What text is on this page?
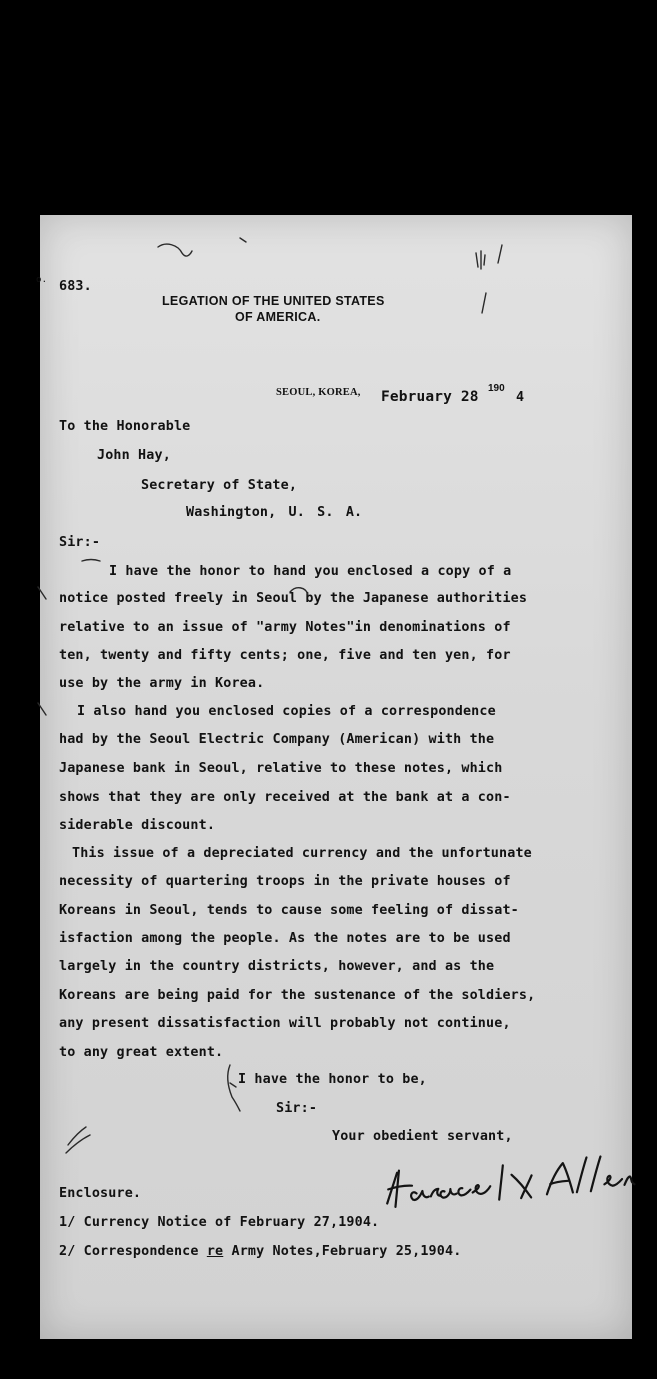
o. 683.
LEGATION OF THE UNITED STATES
OF AMERICA.
SEOUL, KOREA, February 28
190
4
To the Honorable
John Hay,
Secretary of State,
Washington, U. S. A.
Sir:-
I have the honor to hand you enclosed a copy of a
notice posted freely in Seoul by the Japanese authorities
relative to an issue of "army Notes"in denominations of
ten, twenty and fifty cents; one, five and ten yen, for
use by the army in Korea.
I also hand you enclosed copies of a correspondence
had by the Seoul Electric Company (American) with the
Japanese bank in Seoul, relative to these notes, which
shows that they are only received at the bank at a con-
siderable discount.
This issue of a depreciated currency and the unfortunate
necessity of quartering troops in the private houses of
Koreans in Seoul, tends to cause some feeling of dissat-
isfaction among the people. As the notes are to be used
largely in the country districts, however, and as the
Koreans are being paid for the sustenance of the soldiers,
any present dissatisfaction will probably not continue,
to any great extent.
I have the honor to be,
Sir:-
Your obedient servant,
Enclosure.
1/ Currency Notice of February 27,1904.
2/ Correspondence re Army Notes,February 25,1904.
